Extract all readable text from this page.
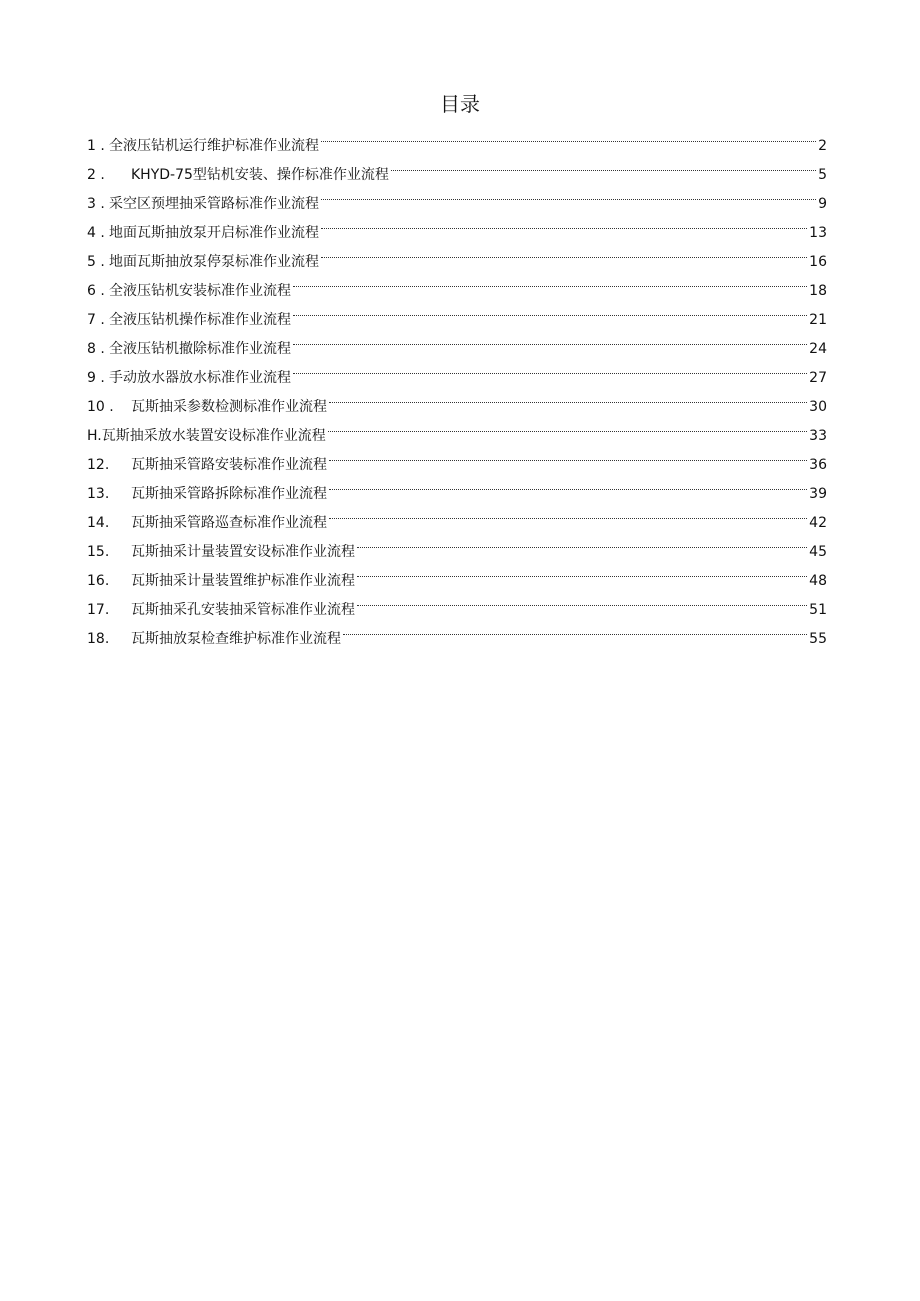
目录
1 . 全液压钻机运行维护标准作业流程	2
2 .	KHYD-75型钻机安装、操作标准作业流程	5
3 . 采空区预埋抽采管路标准作业流程	9
4 . 地面瓦斯抽放泵开启标准作业流程	13
5 . 地面瓦斯抽放泵停泵标准作业流程	16
6 . 全液压钻机安装标准作业流程	18
7 . 全液压钻机操作标准作业流程	21
8 . 全液压钻机撤除标准作业流程	24
9 . 手动放水器放水标准作业流程	27
10 .	瓦斯抽采参数检测标准作业流程	30
H. 瓦斯抽采放水装置安设标准作业流程	33
12.	瓦斯抽采管路安装标准作业流程	36
13.	瓦斯抽采管路拆除标准作业流程	39
14.	瓦斯抽采管路巡查标准作业流程	42
15.	瓦斯抽采计量装置安设标准作业流程	45
16.	瓦斯抽采计量装置维护标准作业流程	48
17.	瓦斯抽采孔安装抽采管标准作业流程	51
18.	瓦斯抽放泵检查维护标准作业流程	55
